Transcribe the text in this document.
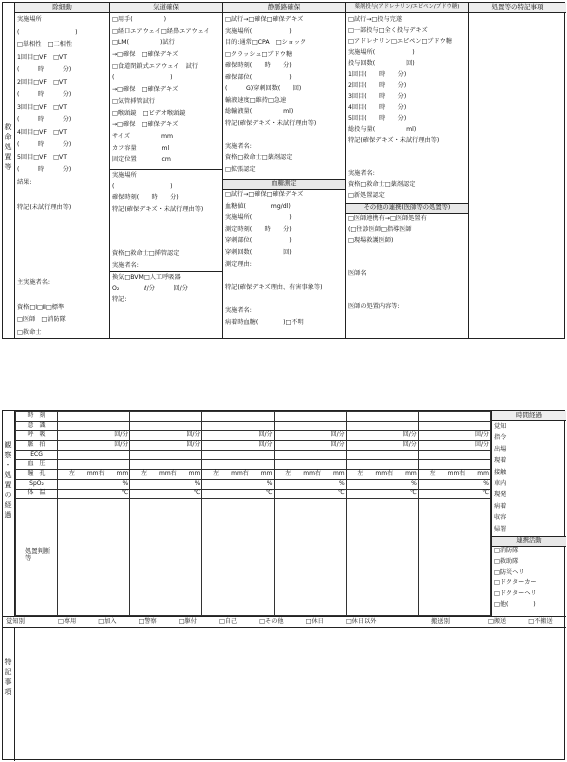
救命処置等
除細動
実施場所
(　　　　　　　　　)
□単相性　□二相性
1回目□VF　□VT
(　　　時　　　分)
2回目□VF　□VT
(　　　時　　　分)
3回目□VF　□VT
(　　　時　　　分)
4回目□VF　□VT
(　　　時　　　分)
5回目□VF　□VT
(　　　時　　　分)
結果:
特記(未試行理由等)
主実施者名:
資格□Ⅰ□Ⅱ□標準
□医師　□消防隊
□救命士
気道確保
□用手(　　　　　)
□経口エアウェイ□経鼻エアウェイ
□LM(　　　　　)試行
→□確保　□確保デキズ
□食道閉鎖式エアウェイ　試行
(　　　　　　　　　)
→□確保　□確保デキズ
□気管挿管試行
□喉頭鏡　□ビデオ喉頭鏡
→□確保　□確保デキズ
サイズ　　　　　mm
カフ容量　　　　ml
固定位置　　　　cm
実施場所
(　　　　　　　　　)
確保時刻(　　時　　分)
特記(確保デキズ・未試行理由等)
資格□救命士□挿管認定
実施者名:
換気□BVM□人工呼吸器
O₂　　　　ℓ/分　　　回/分
特記:
静脈路確保
□試行→□確保□確保デキズ
実施場所(　　　　　　)
目的:通常□CPA　□ショック
□クラッシュ□ブドウ糖
確保時刻(　　時　　分)
確保部位(　　　　　　)
(　　　G)穿刺回数(　　回)
輸液速度□維持□急速
総輸液量(　　　　　ml)
特記(確保デキズ・未試行理由等)
実施者名:
資格□救命士□薬剤認定
□拡張認定
血糖測定
□試行→□確保□確保デキズ
血糖値(　　　　mg/dl)
実施場所(　　　　　　)
測定時刻(　　時　　分)
穿刺部位(　　　　　　)
穿刺回数(　　　　　回)
測定理由:
特記(確保デキズ理由、有害事象等)
実施者名:
病着時血糖(　　　　)□不明
薬剤投与(アドレナリン/エピペン/ブドウ糖)
□試行→□投与完遂
□一部投与□全く投与デキズ
□アドレナリン□エピペン□ブドウ糖
実施場所(　　　　　　)
投与回数(　　　　　回)
1回目(　　時　　分)
2回目(　　時　　分)
3回目(　　時　　分)
4回目(　　時　　分)
5回目(　　時　　分)
総投与量(　　　　　ml)
特記(確保デキズ・未試行理由等)
実施者名:
資格□救命士□薬剤認定
□新処置認定
その他の連携(医師等の処置等)
□医師連携有→□医師処置有
(□往診医師□指導医師
□現場救護医師)
医師名
医師の処置内容等:
処置等の特記事項
観察・処置の経過
時　刻						
意　識						
呼　吸	回/分	回/分	回/分	回/分	回/分	回/分
脈　拍	回/分	回/分	回/分	回/分	回/分	回/分
ECG						
血　圧						
瞳　孔	左　　mm右　　mm	左　　mm右　　mm	左　　mm右　　mm	左　　mm右　　mm	左　　mm右　　mm	左　　mm右　　mm
SpO₂	%	%	%	%	%	%
体　温	℃	℃	℃	℃	℃	℃

処置判断等
時間経過
覚知
指令
出場
現着
接触
車内
現発
病着
収容
帰署
連携活動
□消防隊
□救助隊
□防災ヘリ
□ドクターカー
□ドクターヘリ
□他(　　　　)
覚知別	□専用	□加入	□警察	□駆付	□自己	□その他	□休日	□休日以外	搬送別	□搬送	□不搬送
特記事項
